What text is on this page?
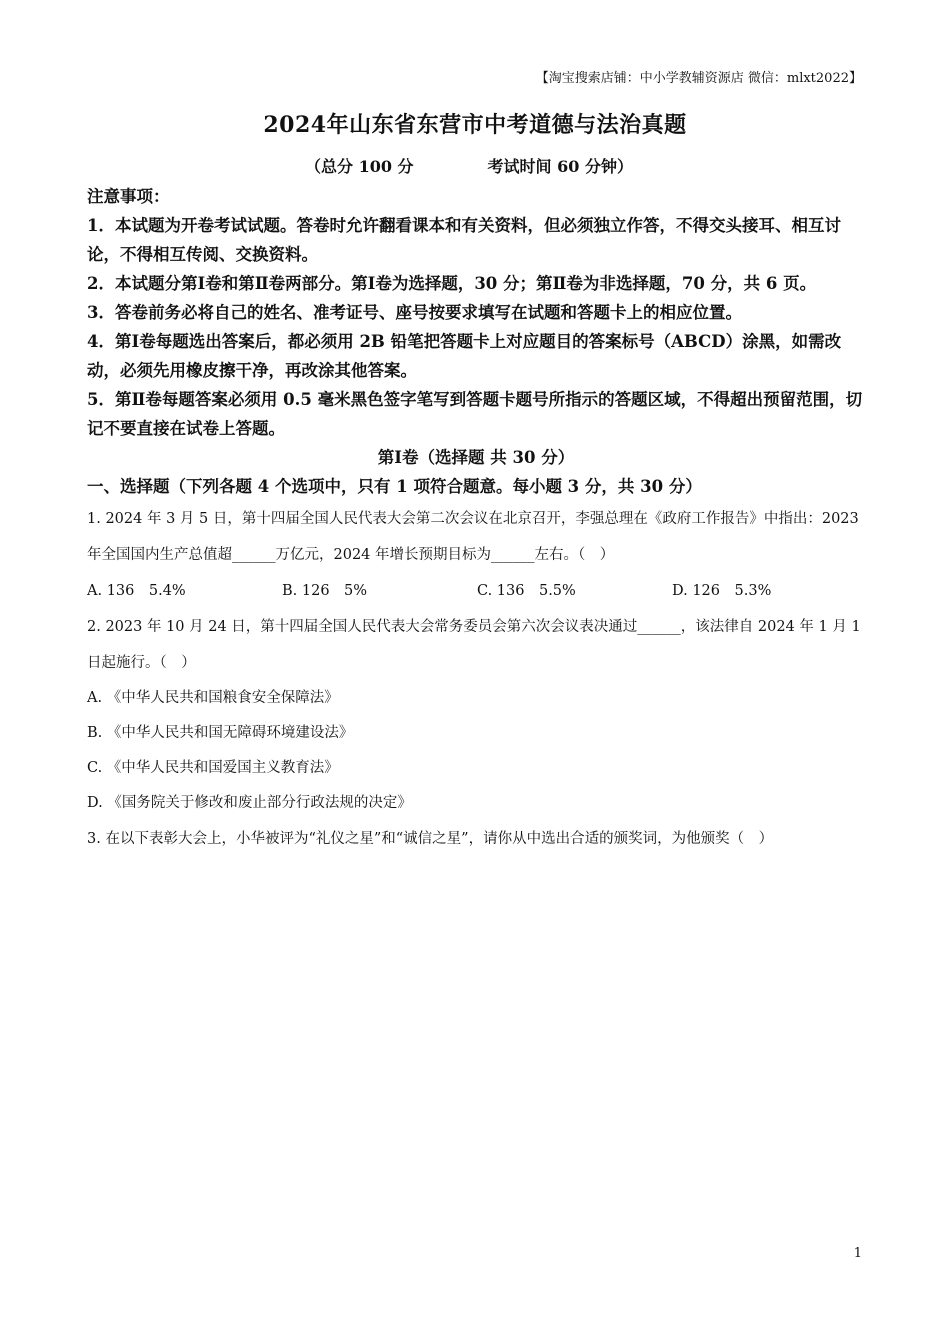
【淘宝搜索店铺：中小学教辅资源店 微信：mlxt2022】
2024年山东省东营市中考道德与法治真题
（总分 100 分	考试时间 60 分钟）
注意事项：

1．本试题为开卷考试试题。答卷时允许翻看课本和有关资料，但必须独立作答，不得交头接耳、相互讨论，不得相互传阅、交换资料。

2．本试题分第Ⅰ卷和第Ⅱ卷两部分。第Ⅰ卷为选择题，30 分；第Ⅱ卷为非选择题，70 分，共 6 页。

3．答卷前务必将自己的姓名、准考证号、座号按要求填写在试题和答题卡上的相应位置。

4．第Ⅰ卷每题选出答案后，都必须用 2B 铅笔把答题卡上对应题目的答案标号（ABCD）涂黑，如需改动，必须先用橡皮擦干净，再改涂其他答案。

5．第Ⅱ卷每题答案必须用 0.5 毫米黑色签字笔写到答题卡题号所指示的答题区域，不得超出预留范围，切记不要直接在试卷上答题。

第Ⅰ卷（选择题 共 30 分）
一、选择题（下列各题 4 个选项中，只有 1 项符合题意。每小题 3 分，共 30 分）

1. 2024 年 3 月 5 日，第十四届全国人民代表大会第二次会议在北京召开，李强总理在《政府工作报告》中指出：2023 年全国国内生产总值超______万亿元，2024 年增长预期目标为______左右。（　）

A. 136　5.4%	B. 126　5%	C. 136　5.5%	D. 126　5.3%

2. 2023 年 10 月 24 日，第十四届全国人民代表大会常务委员会第六次会议表决通过______，该法律自 2024 年 1 月 1 日起施行。（　）

A. 《中华人民共和国粮食安全保障法》
B. 《中华人民共和国无障碍环境建设法》
C. 《中华人民共和国爱国主义教育法》
D. 《国务院关于修改和废止部分行政法规的决定》

3. 在以下表彰大会上，小华被评为“礼仪之星”和“诚信之星”，请你从中选出合适的颁奖词，为他颁奖（　）

1
